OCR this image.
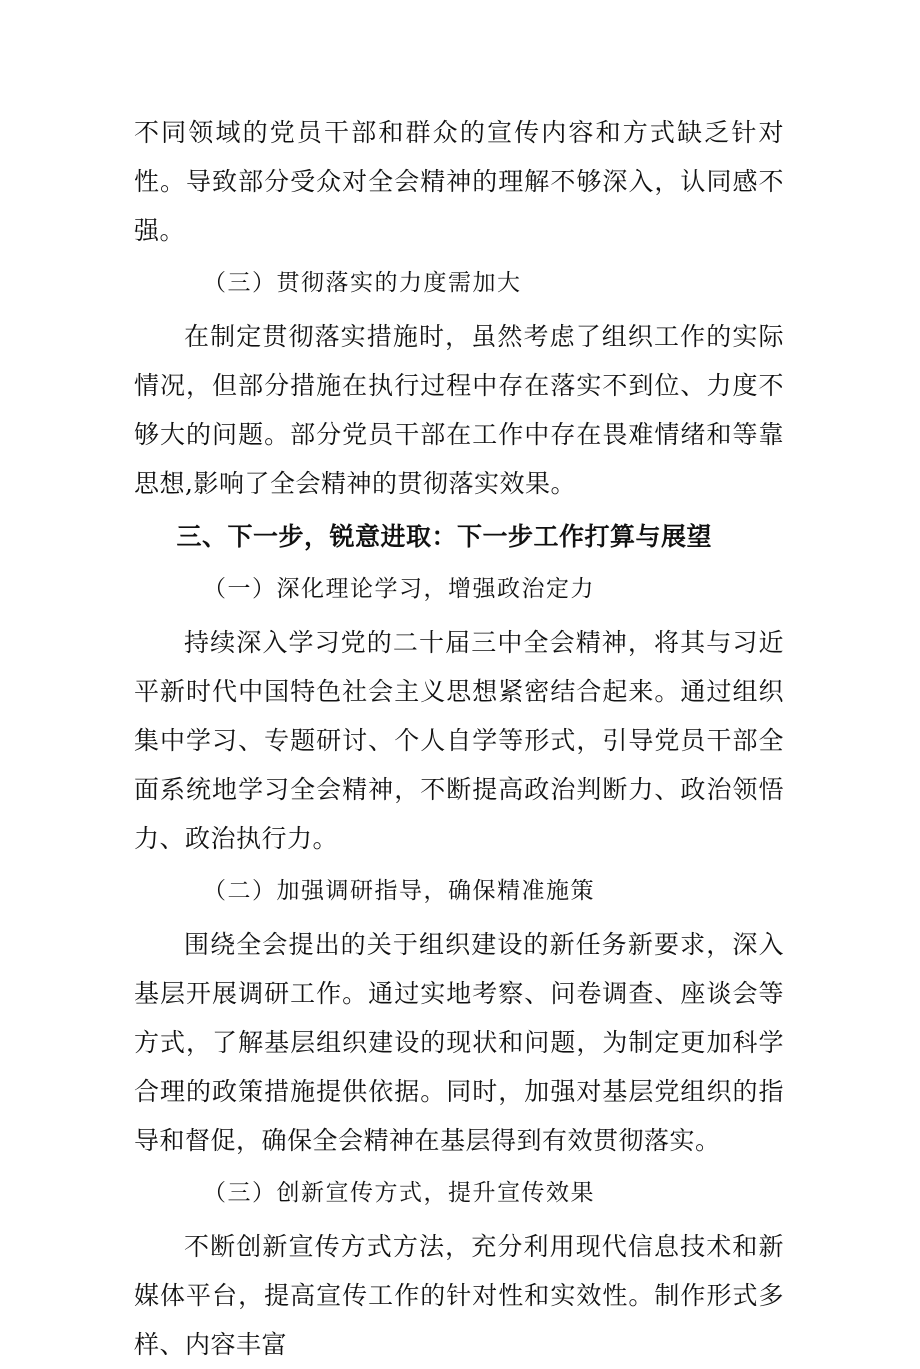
不同领域的党员干部和群众的宣传内容和方式缺乏针对性。导致部分受众对全会精神的理解不够深入，认同感不强。

（三）贯彻落实的力度需加大

在制定贯彻落实措施时，虽然考虑了组织工作的实际情况，但部分措施在执行过程中存在落实不到位、力度不够大的问题。部分党员干部在工作中存在畏难情绪和等靠思想,影响了全会精神的贯彻落实效果。

三、下一步，锐意进取：下一步工作打算与展望

（一）深化理论学习，增强政治定力

持续深入学习党的二十届三中全会精神，将其与习近平新时代中国特色社会主义思想紧密结合起来。通过组织集中学习、专题研讨、个人自学等形式，引导党员干部全面系统地学习全会精神，不断提高政治判断力、政治领悟力、政治执行力。

（二）加强调研指导，确保精准施策

围绕全会提出的关于组织建设的新任务新要求，深入基层开展调研工作。通过实地考察、问卷调查、座谈会等方式，了解基层组织建设的现状和问题，为制定更加科学合理的政策措施提供依据。同时，加强对基层党组织的指导和督促，确保全会精神在基层得到有效贯彻落实。

（三）创新宣传方式，提升宣传效果

不断创新宣传方式方法，充分利用现代信息技术和新媒体平台，提高宣传工作的针对性和实效性。制作形式多样、内容丰富
